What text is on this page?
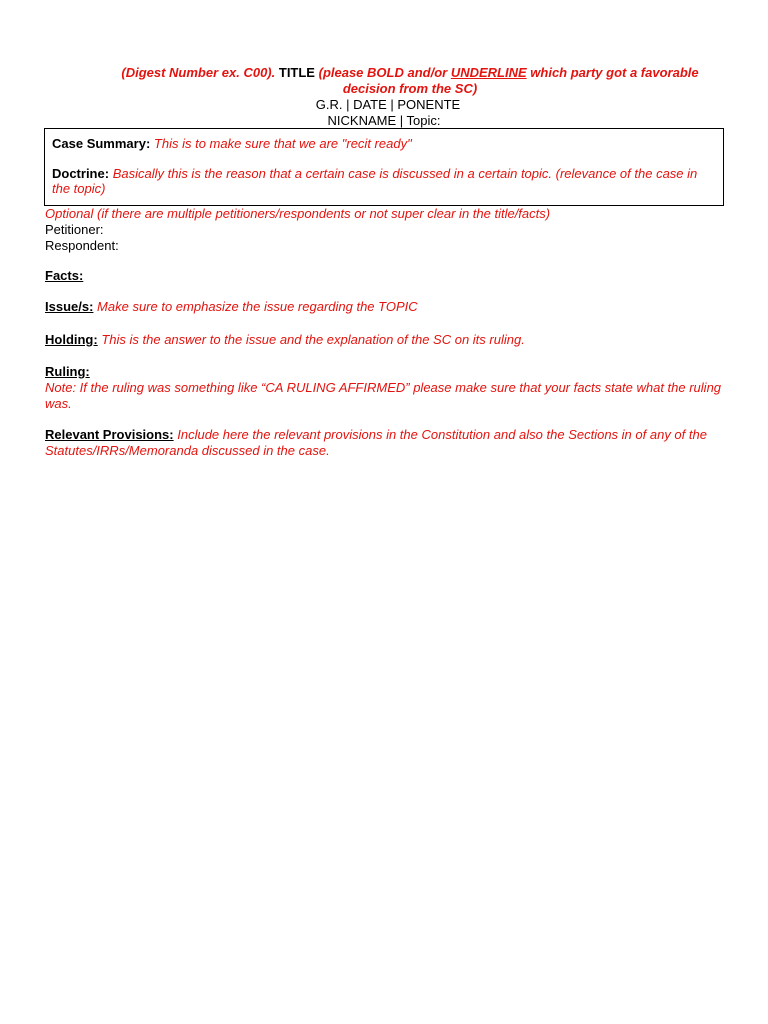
(Digest Number ex. C00). TITLE (please BOLD and/or UNDERLINE which party got a favorable
decision from the SC)
G.R. | DATE | PONENTE
NICKNAME | Topic:

Case Summary: This is to make sure that we are "recit ready"

Doctrine: Basically this is the reason that a certain case is discussed in a certain topic. (relevance of the case in the topic)

Optional (if there are multiple petitioners/respondents or not super clear in the title/facts)

Petitioner:

Respondent:

Facts:

Issue/s: Make sure to emphasize the issue regarding the TOPIC

Holding: This is the answer to the issue and the explanation of the SC on its ruling.

Ruling:

Note: If the ruling was something like “CA RULING AFFIRMED” please make sure that your facts state what the ruling was.

Relevant Provisions: Include here the relevant provisions in the Constitution and also the Sections in of any of the Statutes/IRRs/Memoranda discussed in the case.
